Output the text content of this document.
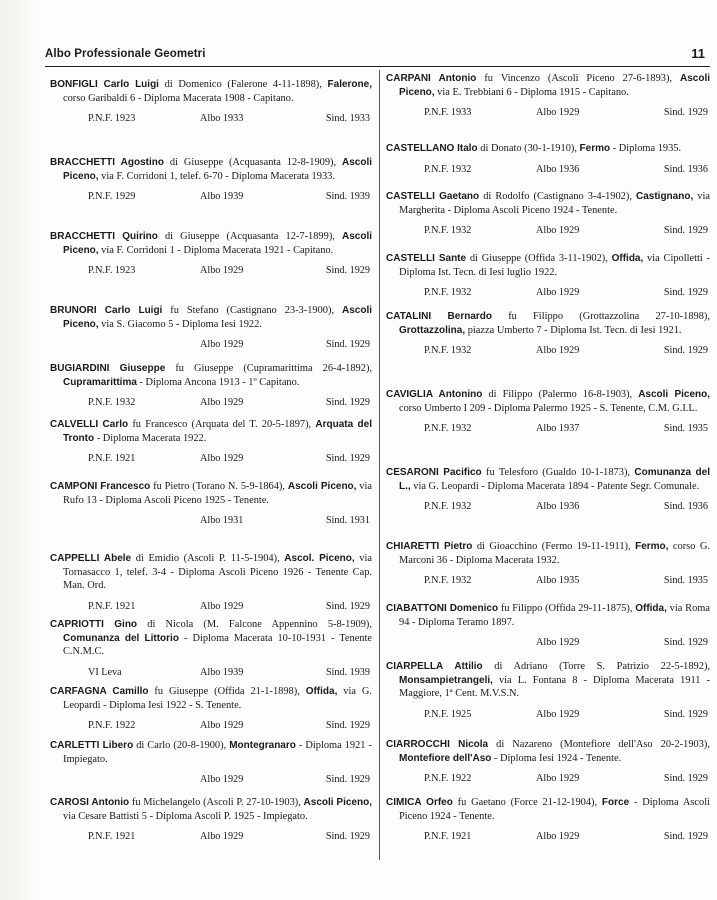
Albo Professionale Geometri	11
BONFIGLI Carlo Luigi di Domenico (Falerone 4-11-1898), Falerone, corso Garibaldi 6 - Diploma Macerata 1908 - Capitano.
P.N.F. 1923	Albo 1933	Sind. 1933
BRACCHETTI Agostino di Giuseppe (Acquasanta 12-8-1909), Ascoli Piceno, via F. Corridoni 1, telef. 6-70 - Diploma Macerata 1933.
P.N.F. 1929	Albo 1939	Sind. 1939
BRACCHETTI Quirino di Giuseppe (Acquasanta 12-7-1899), Ascoli Piceno, via F. Corridoni 1 - Diploma Macerata 1921 - Capitano.
P.N.F. 1923	Albo 1929	Sind. 1929
BRUNORI Carlo Luigi fu Stefano (Castignano 23-3-1900), Ascoli Piceno, via S. Giacomo 5 - Diploma Iesi 1922.
Albo 1929	Sind. 1929
BUGIARDINI Giuseppe fu Giuseppe (Cupramarittima 26-4-1892), Cupramarittima - Diploma Ancona 1913 - 1º Capitano.
P.N.F. 1932	Albo 1929	Sind. 1929
CALVELLI Carlo fu Francesco (Arquata del T. 20-5-1897), Arquata del Tronto - Diploma Macerata 1922.
P.N.F. 1921	Albo 1929	Sind. 1929
CAMPONI Francesco fu Pietro (Torano N. 5-9-1864), Ascoli Piceno, via Rufo 13 - Diploma Ascoli Piceno 1925 - Tenente.
Albo 1931	Sind. 1931
CAPPELLI Abele di Emidio (Ascoli P. 11-5-1904), Ascol. Piceno, via Tornasacco 1, telef. 3-4 - Diploma Ascoli Piceno 1926 - Tenente Cap. Man. Ord.
P.N.F. 1921	Albo 1929	Sind. 1929
CAPRIOTTI Gino di Nicola (M. Falcone Appennino 5-8-1909), Comunanza del Littorio - Diploma Macerata 10-10-1931 - Tenente C.N.M.C.
VI Leva	Albo 1939	Sind. 1939
CARFAGNA Camillo fu Giuseppe (Offida 21-1-1898), Offida, via G. Leopardi - Diploma Iesi 1922 - S. Tenente.
P.N.F. 1922	Albo 1929	Sind. 1929
CARLETTI Libero di Carlo (20-8-1900), Montegranaro - Diploma 1921 - Impiegato.
Albo 1929	Sind. 1929
CAROSI Antonio fu Michelangelo (Ascoli P. 27-10-1903), Ascoli Piceno, via Cesare Battisti 5 - Diploma Ascoli P. 1925 - Impiegato.
P.N.F. 1921	Albo 1929	Sind. 1929
CARPANI Antonio fu Vincenzo (Ascoli Piceno 27-6-1893), Ascoli Piceno, via E. Trebbiani 6 - Diploma 1915 - Capitano.
P.N.F. 1933	Albo 1929	Sind. 1929
CASTELLANO Italo di Donato (30-1-1910), Fermo - Diploma 1935.
P.N.F. 1932	Albo 1936	Sind. 1936
CASTELLI Gaetano di Rodolfo (Castignano 3-4-1902), Castignano, via Margherita - Diploma Ascoli Piceno 1924 - Tenente.
P.N.F. 1932	Albo 1929	Sind. 1929
CASTELLI Sante di Giuseppe (Offida 3-11-1902), Offida, via Cipolletti - Diploma Ist. Tecn. di Iesi luglio 1922.
P.N.F. 1932	Albo 1929	Sind. 1929
CATALINI Bernardo fu Filippo (Grottazzolina 27-10-1898), Grottazzolina, piazza Umberto 7 - Diploma Ist. Tecn. di Iesi 1921.
P.N.F. 1932	Albo 1929	Sind. 1929
CAVIGLIA Antonino di Filippo (Palermo 16-8-1903), Ascoli Piceno, corso Umberto I 209 - Diploma Palermo 1925 - S. Tenente, C.M. G.I.L.
P.N.F. 1932	Albo 1937	Sind. 1935
CESARONI Pacifico fu Telesforo (Gualdo 10-1-1873), Comunanza del L., via G. Leopardi - Diploma Macerata 1894 - Patente Segr. Comunale.
P.N.F. 1932	Albo 1936	Sind. 1936
CHIARETTI Pietro di Gioacchino (Fermo 19-11-1911), Fermo, corso G. Marconi 36 - Diploma Macerata 1932.
P.N.F. 1932	Albo 1935	Sind. 1935
CIABATTONI Domenico fu Filippo (Offida 29-11-1875), Offida, via Roma 94 - Diploma Teramo 1897.
Albo 1929	Sind. 1929
CIARPELLA Attilio di Adriano (Torre S. Patrizio 22-5-1892), Monsampietrangeli, via L. Fontana 8 - Diploma Macerata 1911 - Maggiore, 1ª Cent. M.V.S.N.
P.N.F. 1925	Albo 1929	Sind. 1929
CIARROCCHI Nicola di Nazareno (Montefiore dell'Aso 20-2-1903), Montefiore dell'Aso - Diploma Iesi 1924 - Tenente.
P.N.F. 1922	Albo 1929	Sind. 1929
CIMICA Orfeo fu Gaetano (Force 21-12-1904), Force - Diploma Ascoli Piceno 1924 - Tenente.
P.N.F. 1921	Albo 1929	Sind. 1929
